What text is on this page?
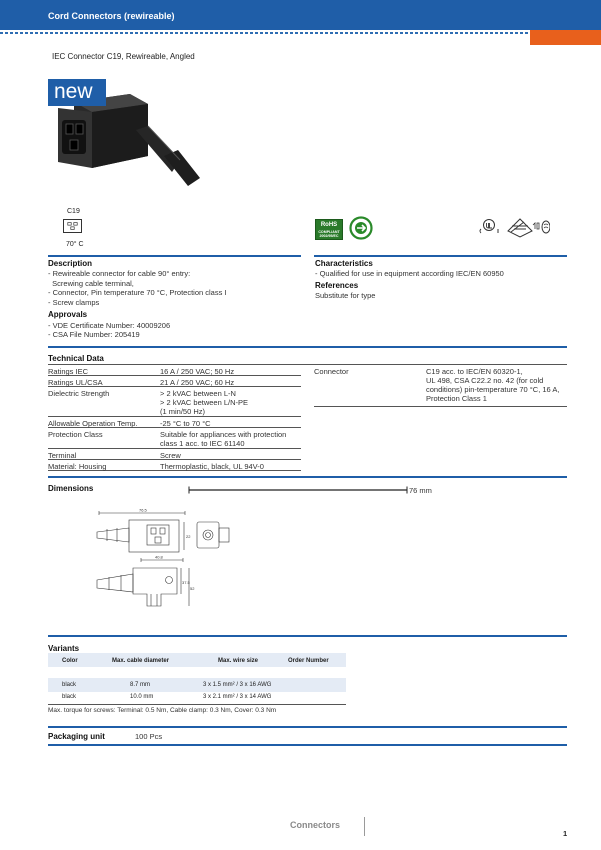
Cord Connectors (rewireable)
IEC Connector C19, Rewireable, Angled
new
C19
70° C
RoHS
COMPLIANT 2002/95/EC
Description
- Rewireable connector for cable 90° entry:
Screwing cable terminal,
- Connector, Pin temperature 70 °C, Protection class I
- Screw clamps
Approvals
- VDE Certificate Number: 40009206
- CSA File Number: 205419
Characteristics
- Qualified for use in equipment according IEC/EN 60950
References
Substitute for type
Technical Data
Ratings IEC	16 A / 250 VAC; 50 Hz
Ratings UL/CSA	21 A / 250 VAC; 60 Hz
Dielectric Strength	> 2 kVAC between L-N
> 2 kVAC between L/N-PE
(1 min/50 Hz)
Allowable Operation Temp.	-25 °C to 70 °C
Protection Class	Suitable for appliances with protection
class 1 acc. to IEC 61140
Terminal	Screw
Material: Housing	Thermoplastic, black, UL 94V-0
Connector	C19 acc. to IEC/EN 60320-1,
UL 498, CSA C22.2 no. 42 (for cold
conditions) pin-temperature 70 °C, 16 A,
Protection Class 1
Dimensions	76 mm
76.5
22
40.8
37.5
52
Variants
Color	Max. cable diameter	Max. wire size	Order Number
black	8.7 mm	3 x 1.5 mm² / 3 x 16 AWG
black	10.0 mm	3 x 2.1 mm² / 3 x 14 AWG
Max. torque for screws: Terminal: 0.5 Nm, Cable clamp: 0.3 Nm, Cover: 0.3 Nm
Packaging unit	100 Pcs
Connectors
1
